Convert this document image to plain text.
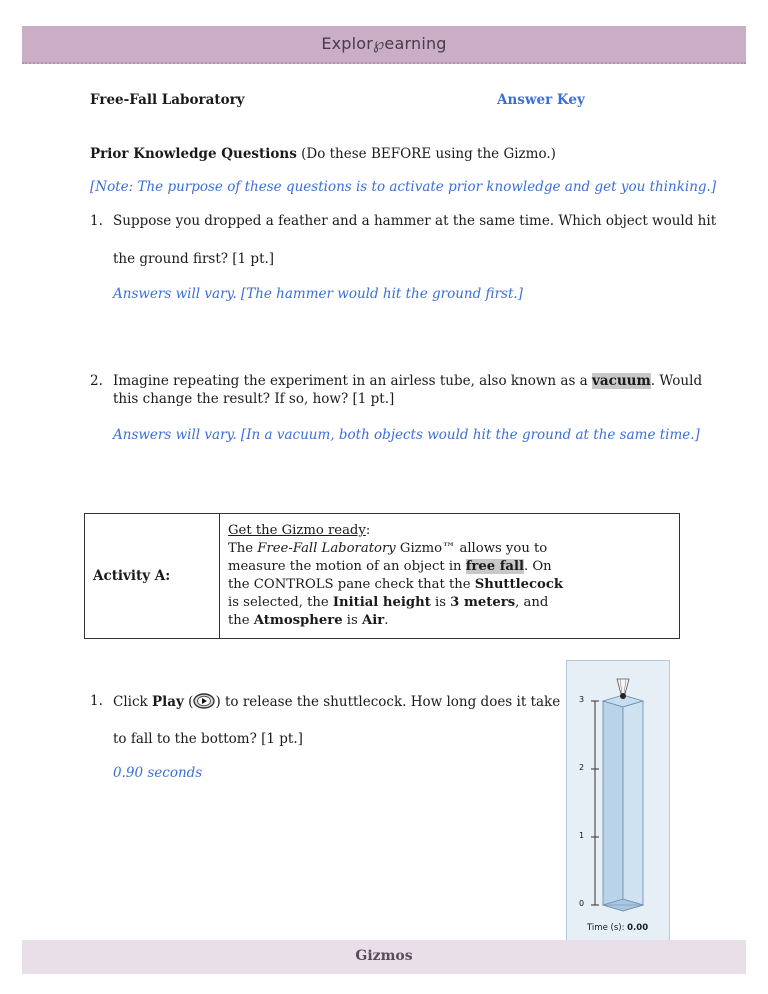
Explor℘earning
Free-Fall Laboratory	Answer Key
Prior Knowledge Questions (Do these BEFORE using the Gizmo.)
[Note: The purpose of these questions is to activate prior knowledge and get you thinking.]
1. Suppose you dropped a feather and a hammer at the same time. Which object would hit
the ground first? [1 pt.]
Answers will vary. [The hammer would hit the ground first.]
2. Imagine repeating the experiment in an airless tube, also known as a vacuum. Would
this change the result? If so, how? [1 pt.]
Answers will vary. [In a vacuum, both objects would hit the ground at the same time.]
Activity A:	
Get the Gizmo ready:
The Free-Fall Laboratory Gizmo™ allows you to
measure the motion of an object in free fall. On
the CONTROLS pane check that the Shuttlecock
is selected, the Initial height is 3 meters, and
the Atmosphere is Air.
1. Click Play ( ) to release the shuttlecock. How long does it take
to fall to the bottom? [1 pt.]
0.90 seconds
3
2
1
0
Time (s): 0.00
Gizmos
